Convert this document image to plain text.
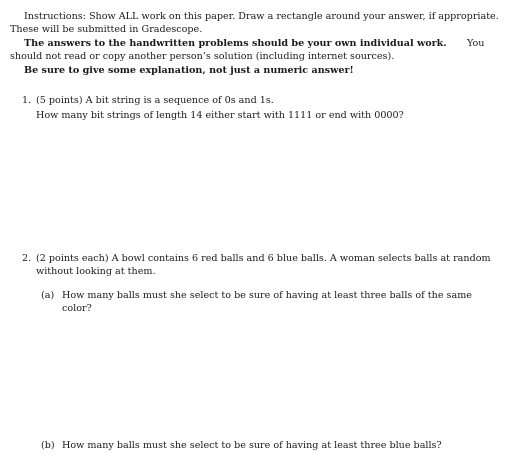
Instructions: Show ALL work on this paper. Draw a rectangle around your answer, if appropriate.
These will be submitted in Gradescope.
The answers to the handwritten problems should be your own individual work. You
should not read or copy another person’s solution (including internet sources).
Be sure to give some explanation, not just a numeric answer!
1. (5 points) A bit string is a sequence of 0s and 1s.
How many bit strings of length 14 either start with 1111 or end with 0000?
2. (2 points each) A bowl contains 6 red balls and 6 blue balls. A woman selects balls at random
without looking at them.
(a) How many balls must she select to be sure of having at least three balls of the same
color?
(b) How many balls must she select to be sure of having at least three blue balls?
